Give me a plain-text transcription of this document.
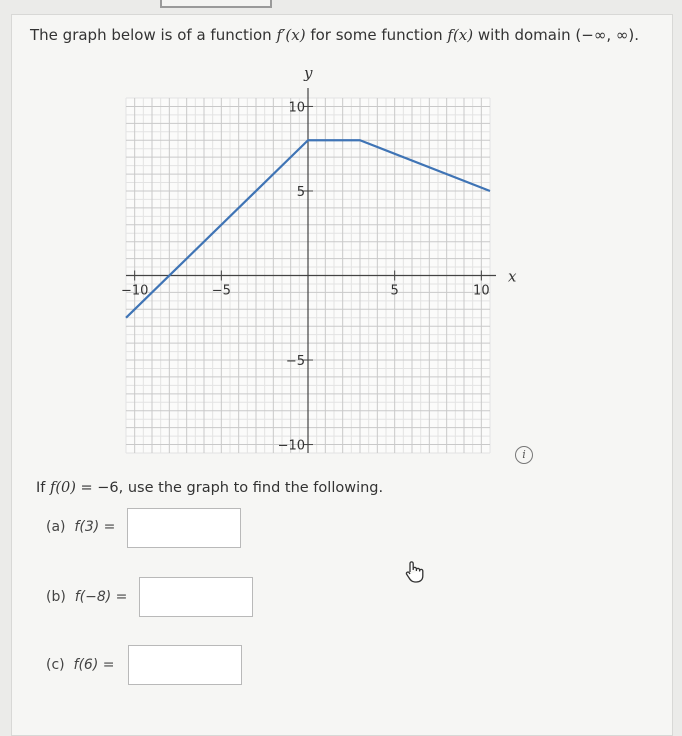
The graph below is of a function f′(x) for some function f(x) with domain (−∞, ∞).
x
y
−10	−5	5	10
10
5
−5
−10
i
If f(0) = −6, use the graph to find the following.
(a) f(3) =
(b) f(−8) =
(c) f(6) =
